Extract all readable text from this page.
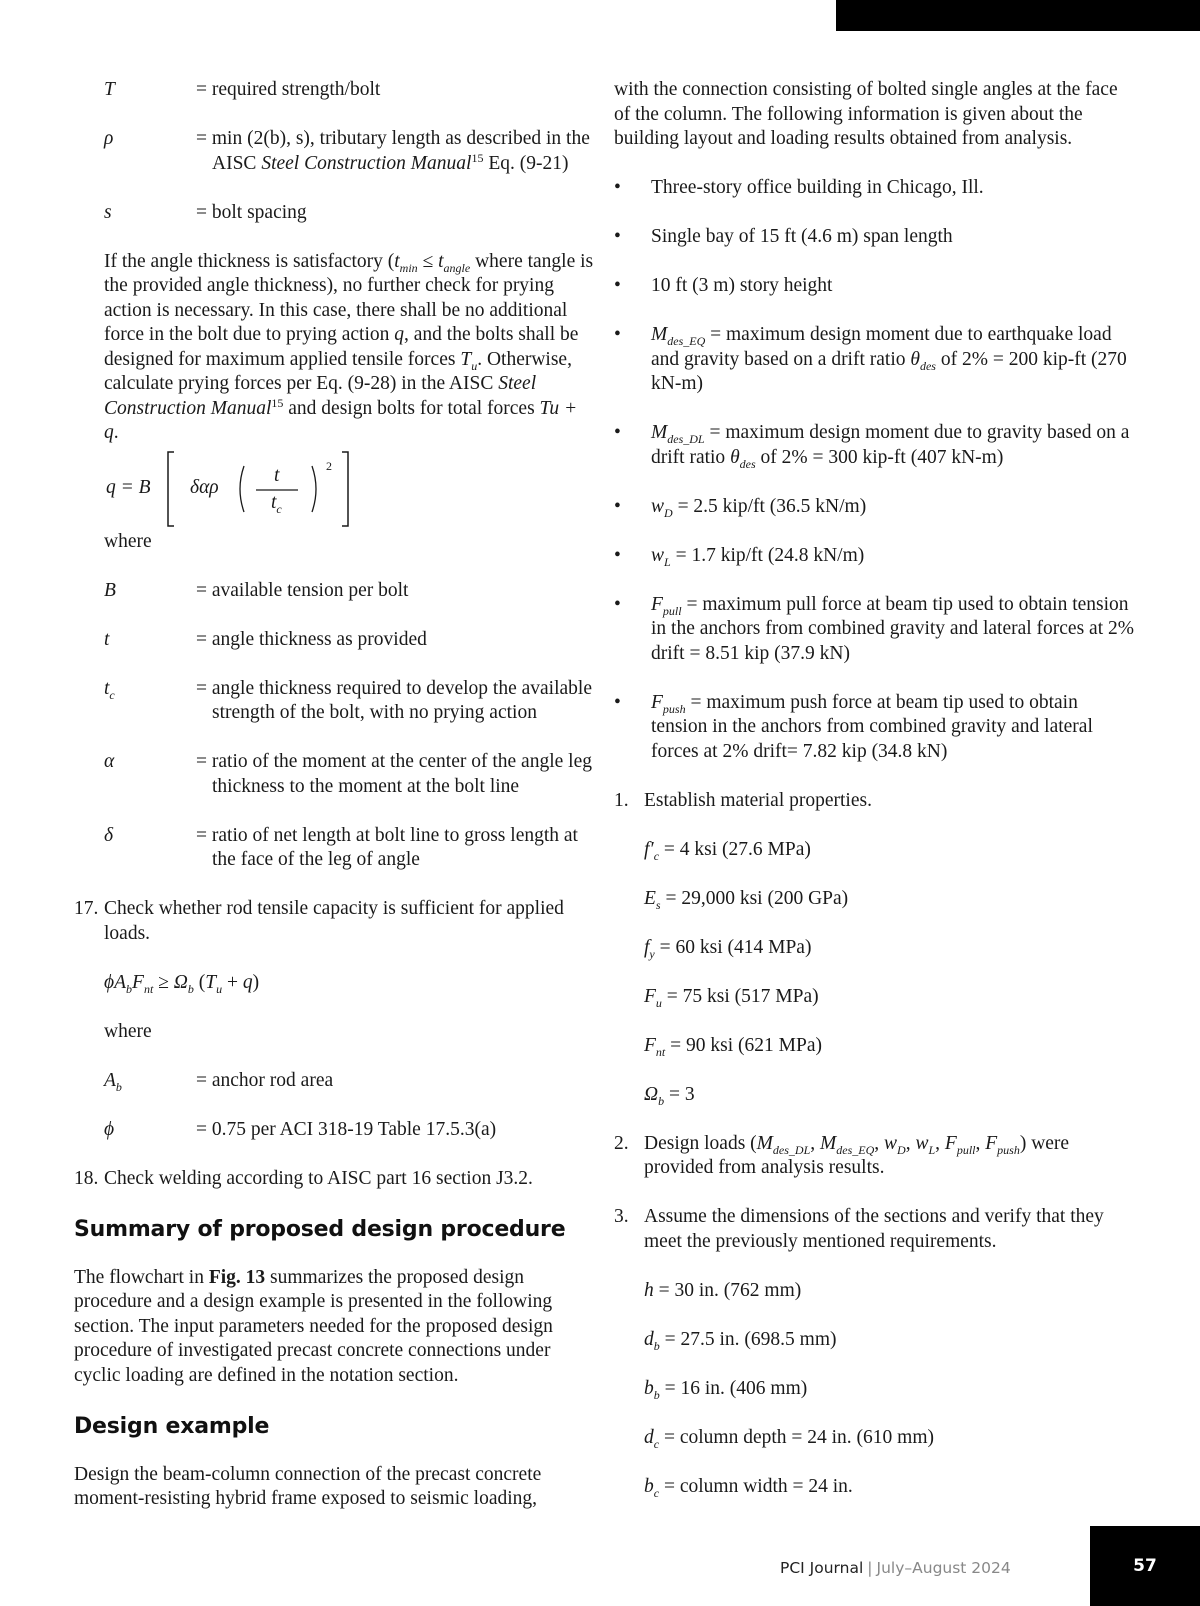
T	= required strength/bolt
ρ	= min (2(b), s), tributary length as described in the AISC Steel Construction Manual$^{15}$ Eq. (9-21)
s	= bolt spacing

If the angle thickness is satisfactory ($t_{min} \le t_{angle}$ where tangle is the provided angle thickness), no further check for prying action is necessary. In this case, there shall be no additional force in the bolt due to prying action q, and the bolts shall be designed for maximum applied tensile forces $T_u$. Otherwise, calculate prying forces per Eq. (9-28) in the AISC Steel Construction Manual$^{15}$ and design bolts for total forces Tu + q.

q = B δαρ
t
$t_c$
2

where

B	= available tension per bolt
t	= angle thickness as provided
$t_c$	= angle thickness required to develop the available strength of the bolt, with no prying action
α	= ratio of the moment at the center of the angle leg thickness to the moment at the bolt line
δ	= ratio of net length at bolt line to gross length at the face of the leg of angle
17. Check whether rod tensile capacity is sufficient for applied loads.

$\phi A_bF_{nt} \ge \Omega_b$ $(T_u + q)$

where

$A_b$	= anchor rod area
ϕ	= 0.75 per ACI 318-19 Table 17.5.3(a)
18. Check welding according to AISC part 16 section J3.2.
Summary of proposed design procedure

The flowchart in Fig. 13 summarizes the proposed design procedure and a design example is presented in the following section. The input parameters needed for the proposed design procedure of investigated precast concrete connections under cyclic loading are defined in the notation section.

Design example

Design the beam-column connection of the precast concrete moment-resisting hybrid frame exposed to seismic loading,

with the connection consisting of bolted single angles at the face of the column. The following information is given about the building layout and loading results obtained from analysis.

• Three-story office building in Chicago, Ill.
• Single bay of 15 ft (4.6 m) span length
• 10 ft (3 m) story height
• $M_{des\_EQ}$ = maximum design moment due to earthquake load and gravity based on a drift ratio $\theta_{des}$ of 2% = 200 kip-ft (270 kN-m)
• $M_{des\_DL}$ = maximum design moment due to gravity based on a drift ratio $\theta_{des}$ of 2% = 300 kip-ft (407 kN-m)
• $w_D = 2.5$ kip/ft (36.5 kN/m)
• $w_L = 1.7$ kip/ft (24.8 kN/m)
• $F_{pull}$ = maximum pull force at beam tip used to obtain tension in the anchors from combined gravity and lateral forces at 2% drift = 8.51 kip (37.9 kN)
• $F_{push}$ = maximum push force at beam tip used to obtain tension in the anchors from combined gravity and lateral forces at 2% drift= 7.82 kip (34.8 kN)
1. Establish material properties.

$f'_c = 4$ ksi (27.6 MPa)

$E_s = 29,000$ ksi (200 GPa)

$f_y = 60$ ksi (414 MPa)

$F_u = 75$ ksi (517 MPa)

$F_{nt} = 90$ ksi (621 MPa)

$\Omega_b = 3$

2. Design loads ($M_{des\_DL}$, $M_{des\_EQ}$, $w_D$, $w_L$, $F_{pull}$, $F_{push}$) were provided from analysis results.
3. Assume the dimensions of the sections and verify that they meet the previously mentioned requirements.

h = 30 in. (762 mm)

$d_b = 27.5$ in. (698.5 mm)

$b_b = 16$ in. (406 mm)

$d_c$ = column depth = 24 in. (610 mm)

$b_c$ = column width = 24 in.

PCI Journal | July–August 2024	57
